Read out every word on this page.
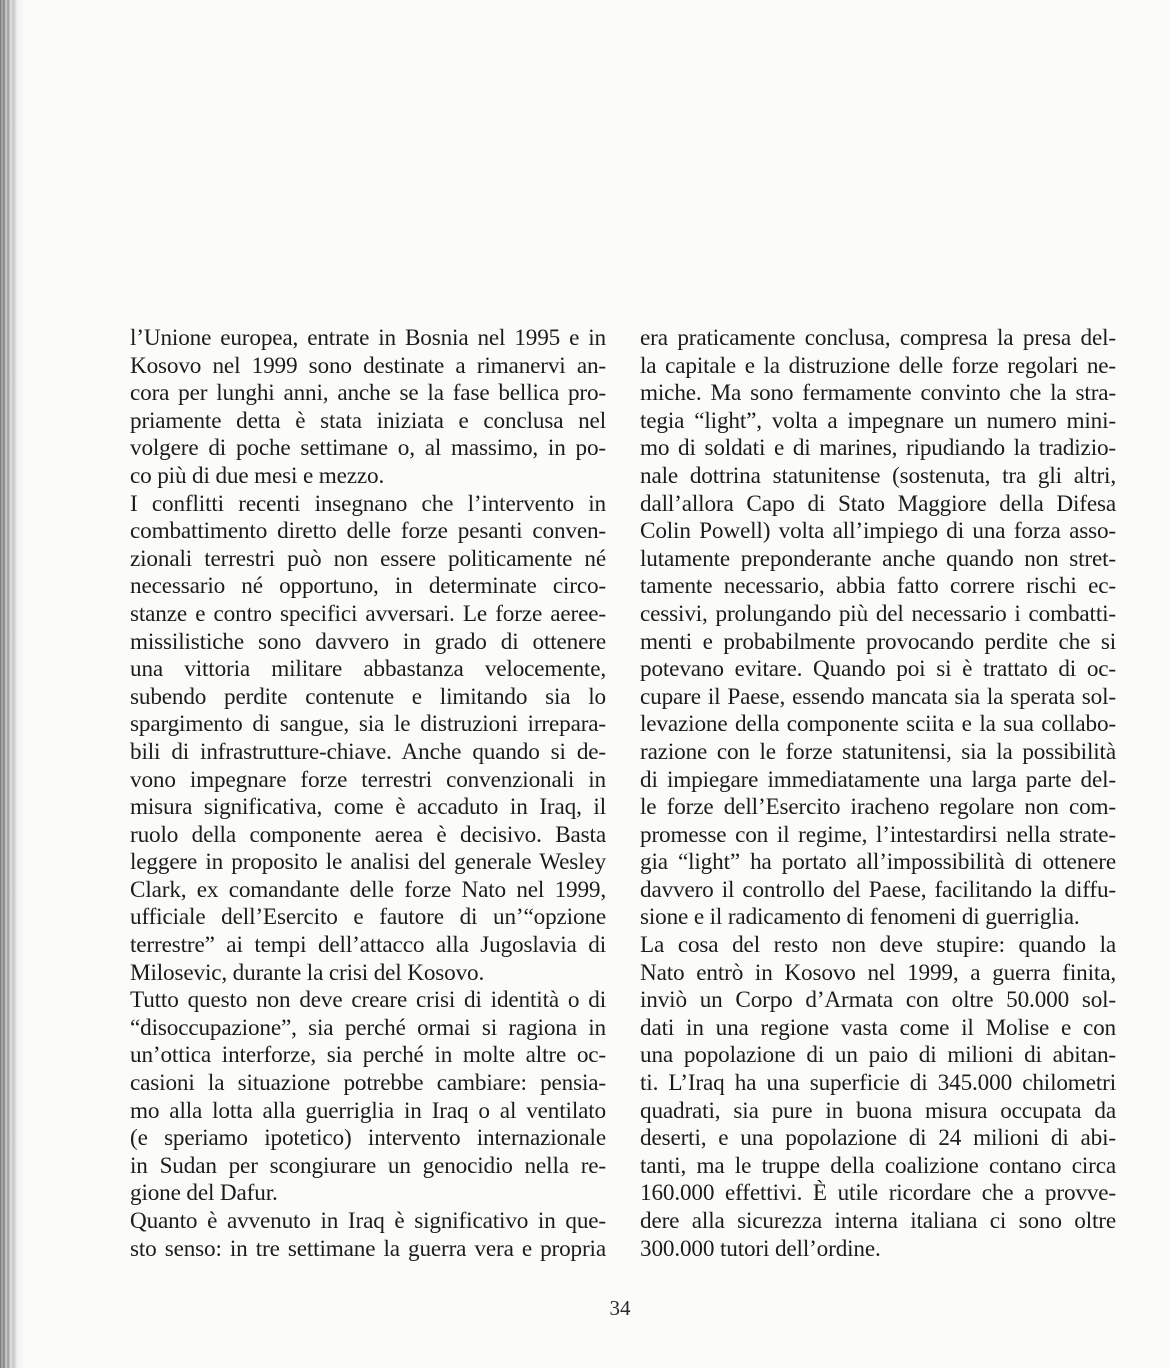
l’Unione europea, entrate in Bosnia nel 1995 e in
Kosovo nel 1999 sono destinate a rimanervi an-
cora per lunghi anni, anche se la fase bellica pro-
priamente detta è stata iniziata e conclusa nel
volgere di poche settimane o, al massimo, in po-
co più di due mesi e mezzo.
I conflitti recenti insegnano che l’intervento in
combattimento diretto delle forze pesanti conven-
zionali terrestri può non essere politicamente né
necessario né opportuno, in determinate circo-
stanze e contro specifici avversari. Le forze aeree-
missilistiche sono davvero in grado di ottenere
una vittoria militare abbastanza velocemente,
subendo perdite contenute e limitando sia lo
spargimento di sangue, sia le distruzioni irrepara-
bili di infrastrutture-chiave. Anche quando si de-
vono impegnare forze terrestri convenzionali in
misura significativa, come è accaduto in Iraq, il
ruolo della componente aerea è decisivo. Basta
leggere in proposito le analisi del generale Wesley
Clark, ex comandante delle forze Nato nel 1999,
ufficiale dell’Esercito e fautore di un’“opzione
terrestre” ai tempi dell’attacco alla Jugoslavia di
Milosevic, durante la crisi del Kosovo.
Tutto questo non deve creare crisi di identità o di
“disoccupazione”, sia perché ormai si ragiona in
un’ottica interforze, sia perché in molte altre oc-
casioni la situazione potrebbe cambiare: pensia-
mo alla lotta alla guerriglia in Iraq o al ventilato
(e speriamo ipotetico) intervento internazionale
in Sudan per scongiurare un genocidio nella re-
gione del Dafur.
Quanto è avvenuto in Iraq è significativo in que-
sto senso: in tre settimane la guerra vera e propria
era praticamente conclusa, compresa la presa del-
la capitale e la distruzione delle forze regolari ne-
miche. Ma sono fermamente convinto che la stra-
tegia “light”, volta a impegnare un numero mini-
mo di soldati e di marines, ripudiando la tradizio-
nale dottrina statunitense (sostenuta, tra gli altri,
dall’allora Capo di Stato Maggiore della Difesa
Colin Powell) volta all’impiego di una forza asso-
lutamente preponderante anche quando non stret-
tamente necessario, abbia fatto correre rischi ec-
cessivi, prolungando più del necessario i combatti-
menti e probabilmente provocando perdite che si
potevano evitare. Quando poi si è trattato di oc-
cupare il Paese, essendo mancata sia la sperata sol-
levazione della componente sciita e la sua collabo-
razione con le forze statunitensi, sia la possibilità
di impiegare immediatamente una larga parte del-
le forze dell’Esercito iracheno regolare non com-
promesse con il regime, l’intestardirsi nella strate-
gia “light” ha portato all’impossibilità di ottenere
davvero il controllo del Paese, facilitando la diffu-
sione e il radicamento di fenomeni di guerriglia.
La cosa del resto non deve stupire: quando la
Nato entrò in Kosovo nel 1999, a guerra finita,
inviò un Corpo d’Armata con oltre 50.000 sol-
dati in una regione vasta come il Molise e con
una popolazione di un paio di milioni di abitan-
ti. L’Iraq ha una superficie di 345.000 chilometri
quadrati, sia pure in buona misura occupata da
deserti, e una popolazione di 24 milioni di abi-
tanti, ma le truppe della coalizione contano circa
160.000 effettivi. È utile ricordare che a provve-
dere alla sicurezza interna italiana ci sono oltre
300.000 tutori dell’ordine.
34
